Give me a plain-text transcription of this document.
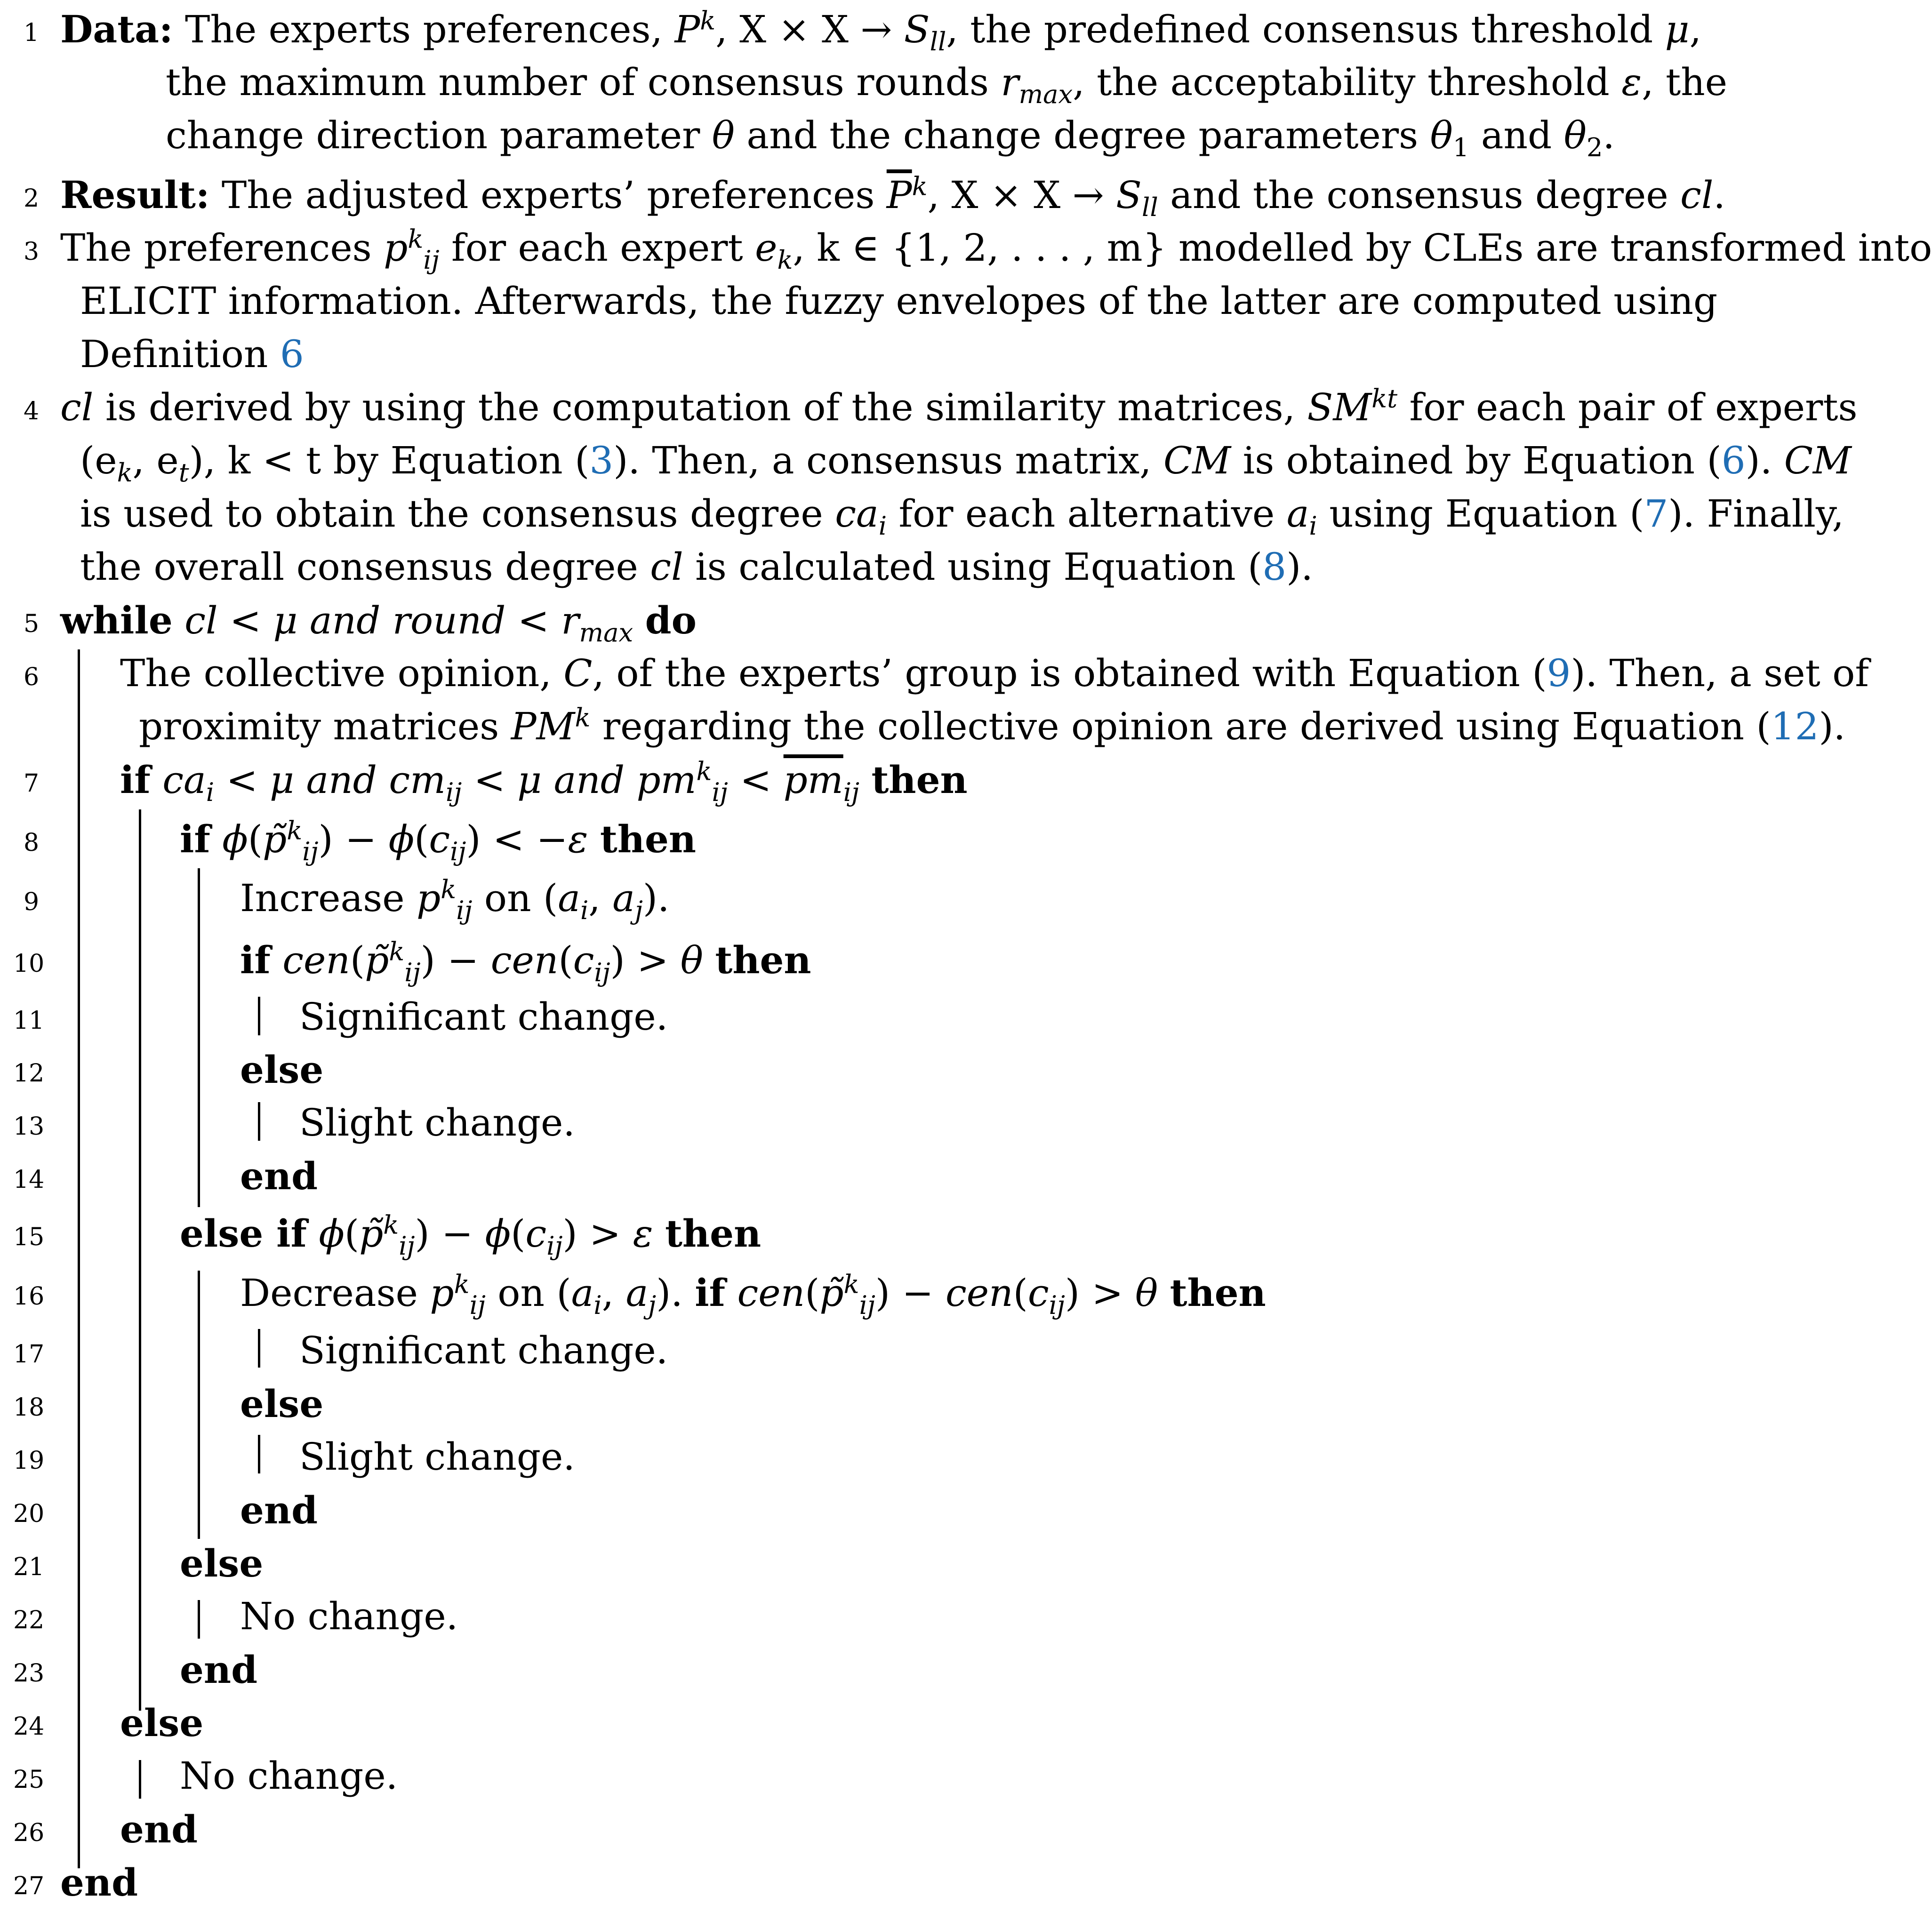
1
2
3
4
5
6
7
8
9
10
11
12
13
14
15
16
17
18
19
20
21
22
23
24
25
26
27
Data: The experts preferences, $P^k$, $X \times X \to S_{ll}$, the predefined consensus threshold μ,
the maximum number of consensus rounds $r_{max}$, the acceptability threshold ε, the
change direction parameter θ and the change degree parameters $\theta_1$ and $\theta_2$.
Result: The adjusted experts’ preferences $\overline{P}^k$, $X \times X \to S_{ll}$ and the consensus degree cl.
The preferences $p^k_{ij}$ for each expert $e_k$, k ∈ {1, 2, . . . , m} modelled by CLEs are transformed into
ELICIT information. Afterwards, the fuzzy envelopes of the latter are computed using
Definition 6
cl is derived by using the computation of the similarity matrices, $SM^{kt}$ for each pair of experts
($e_k$, $e_t$), k < t by Equation (3). Then, a consensus matrix, CM is obtained by Equation (6). CM
is used to obtain the consensus degree $ca_i$ for each alternative $a_i$ using Equation (7). Finally,
the overall consensus degree cl is calculated using Equation (8).
while cl < μ and round < $r_{max}$ do
The collective opinion, C, of the experts’ group is obtained with Equation (9). Then, a set of
proximity matrices $PM^k$ regarding the collective opinion are derived using Equation (12).
if $ca_i < \mu$ and $cm_{ij} < \mu$ and $pm^k_{ij} < \overline{pm}_{ij}$ then
if ϕ(p̃$^k_{ij}$) − $\phi(c_{ij}) < -\varepsilon$ then
Increase $p^k_{ij}$ on ($a_i$, $a_j$).
if cen(p̃$^k_{ij}$) − $cen(c_{ij}) > \theta$ then
Significant change.
else
Slight change.
end
else if ϕ(p̃$^k_{ij}$) − $\phi(c_{ij}) > \varepsilon$ then
Decrease $p^k_{ij}$ on ($a_i$, $a_j$). if cen(p̃$^k_{ij}$) − $cen(c_{ij}) > \theta$ then
Significant change.
else
Slight change.
end
else
No change.
end
else
No change.
end
end
